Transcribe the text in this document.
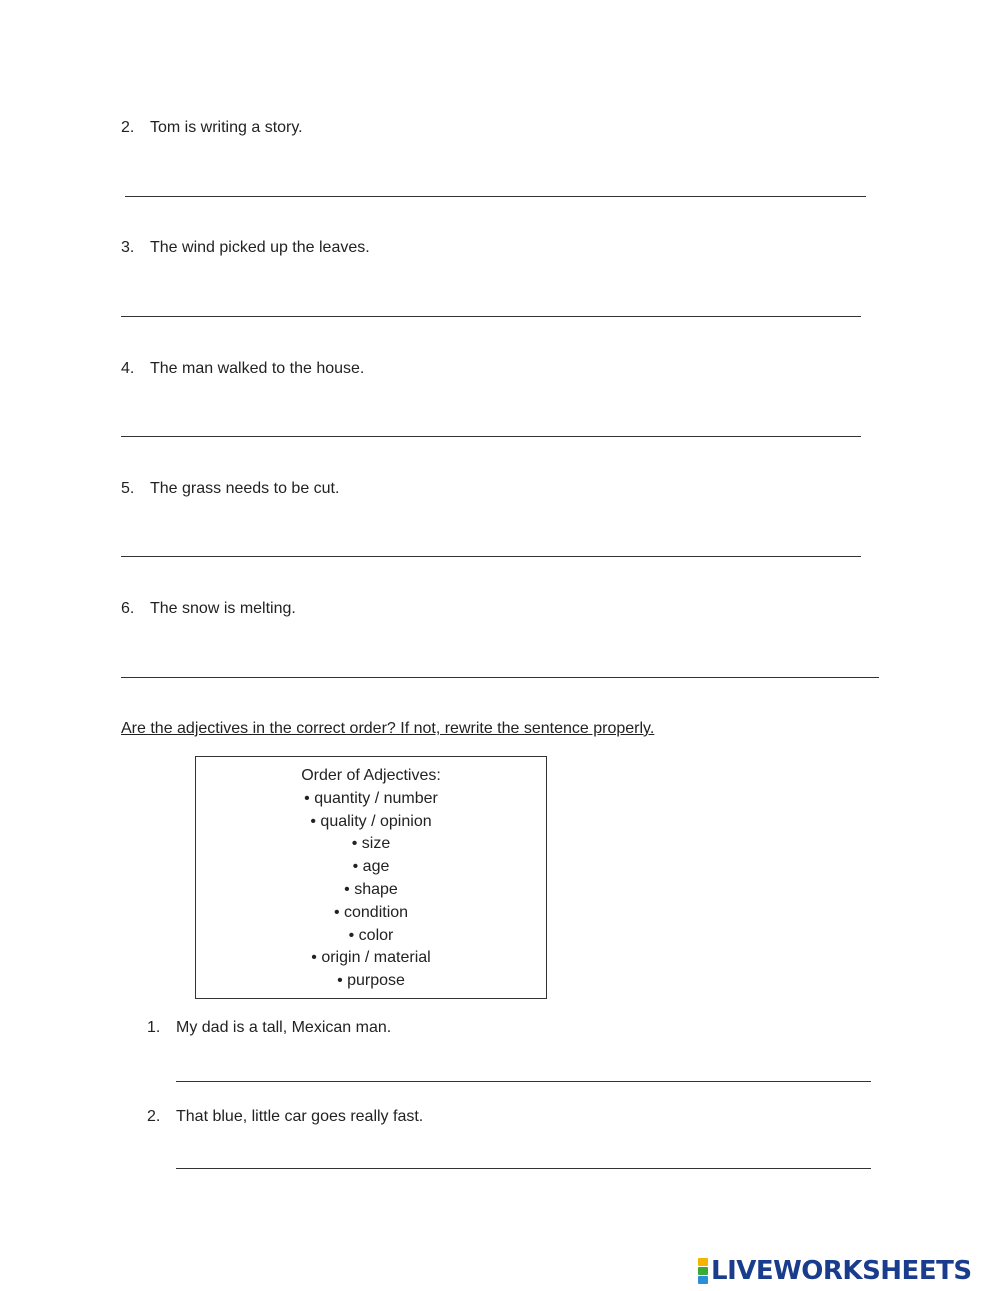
2. Tom is writing a story.
3. The wind picked up the leaves.
4. The man walked to the house.
5. The grass needs to be cut.
6. The snow is melting.
Are the adjectives in the correct order? If not, rewrite the sentence properly.
Order of Adjectives:
• quantity / number
• quality / opinion
• size
• age
• shape
• condition
• color
• origin / material
• purpose
1. My dad is a tall, Mexican man.
2. That blue, little car goes really fast.
LIVEWORKSHEETS
